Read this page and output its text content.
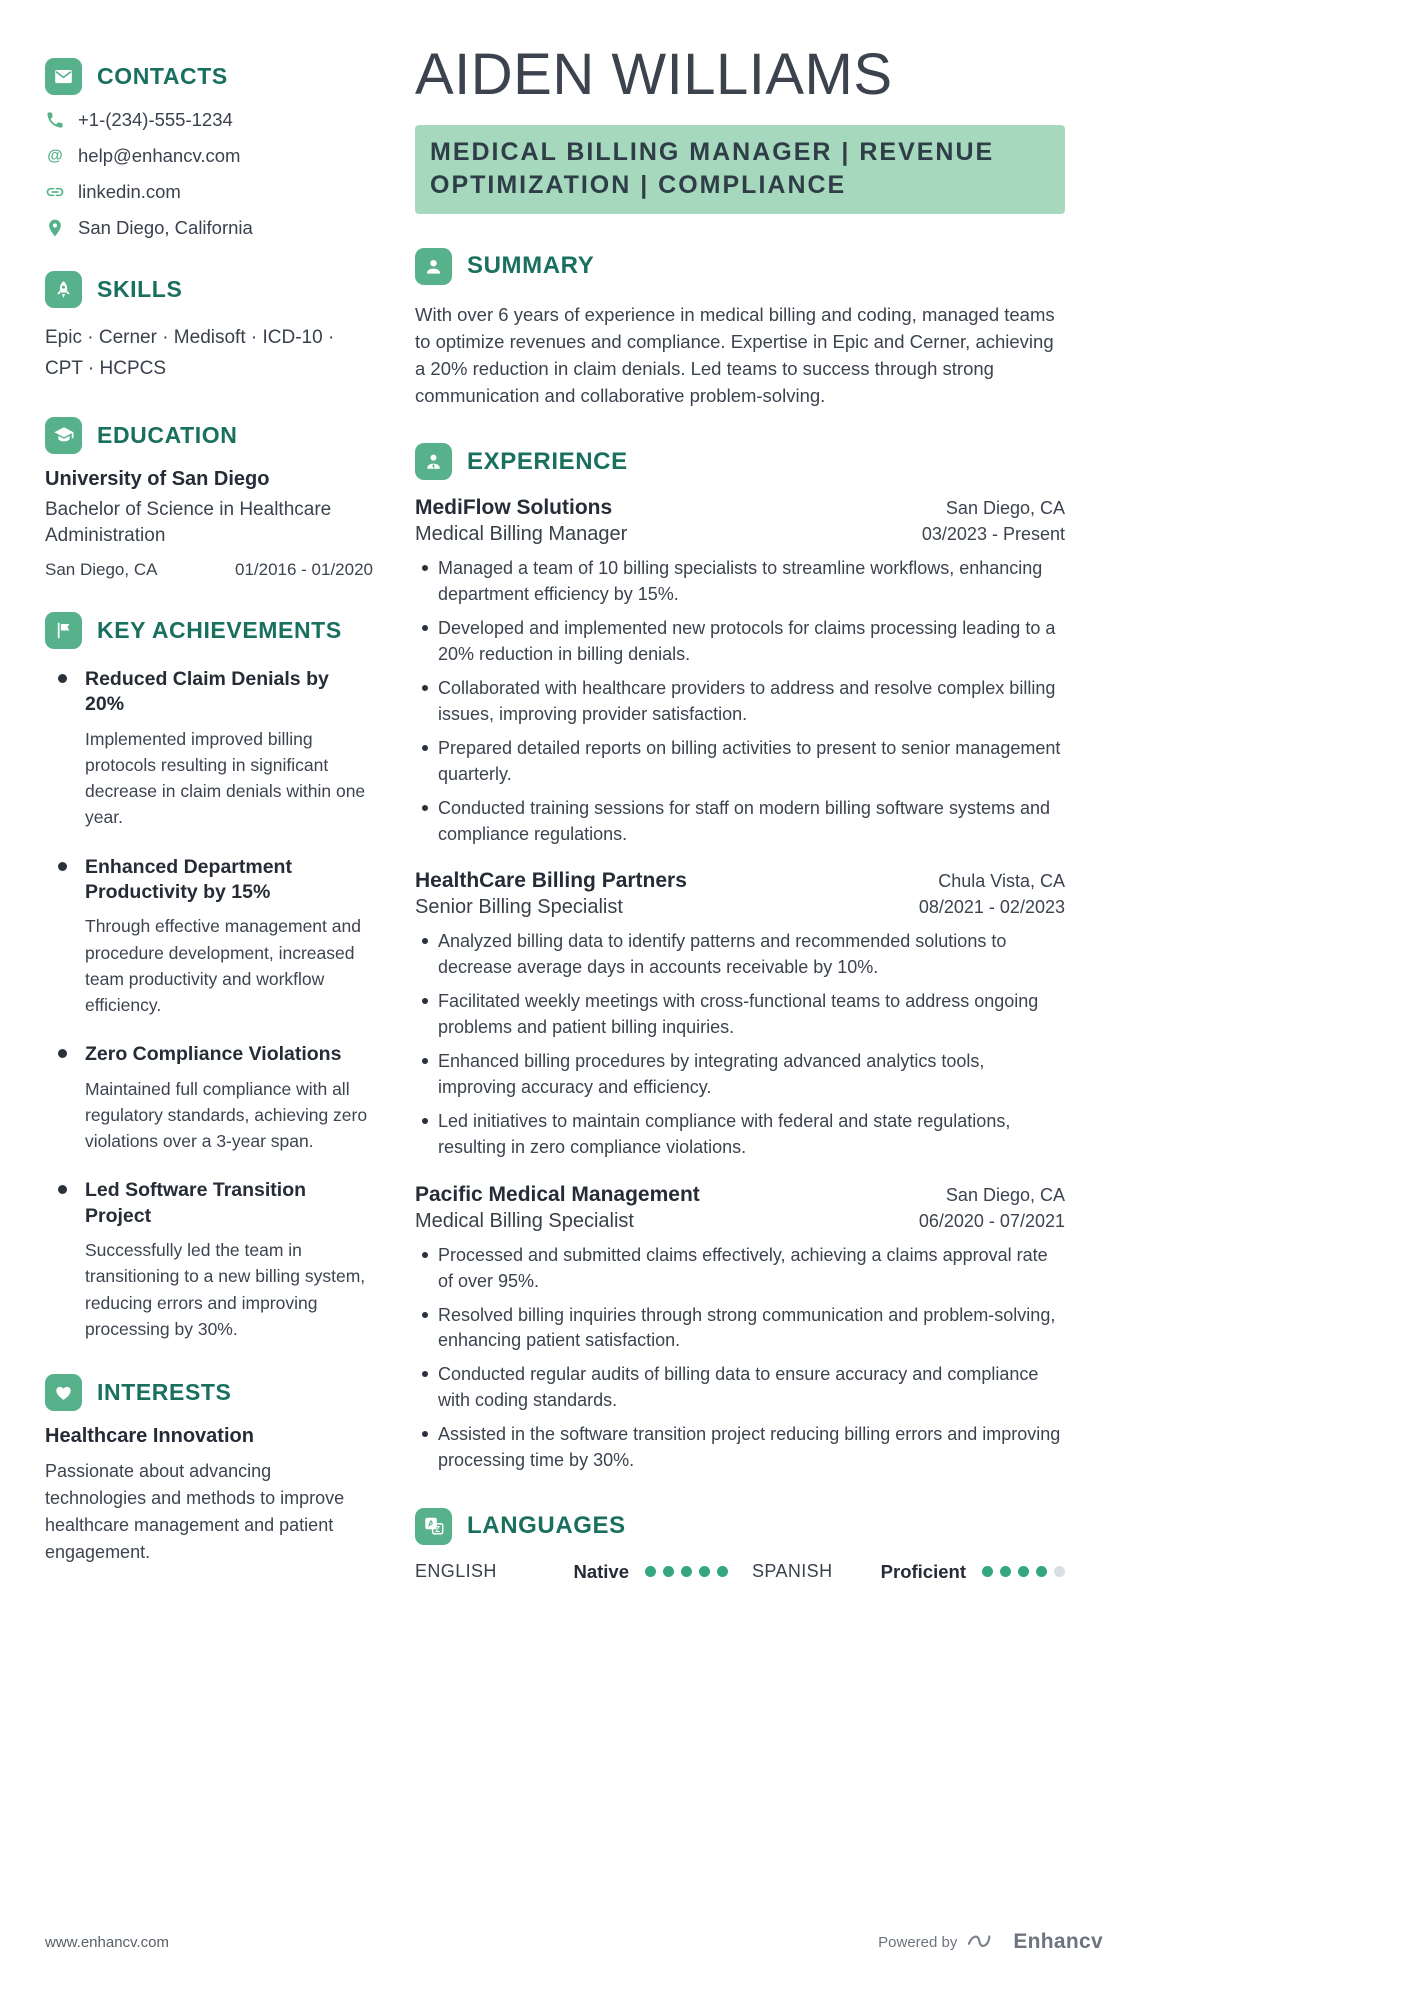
CONTACTS
+1-(234)-555-1234
@ help@enhancv.com
linkedin.com
San Diego, California
SKILLS

Epic · Cerner · Medisoft · ICD-10 · CPT · HCPCS

EDUCATION
University of San Diego
Bachelor of Science in Healthcare Administration
San Diego, CA	01/2016 - 01/2020
KEY ACHIEVEMENTS
Reduced Claim Denials by 20%

Implemented improved billing protocols resulting in significant decrease in claim denials within one year.

Enhanced Department Productivity by 15%

Through effective management and procedure development, increased team productivity and workflow efficiency.

Zero Compliance Violations

Maintained full compliance with all regulatory standards, achieving zero violations over a 3-year span.

Led Software Transition Project

Successfully led the team in transitioning to a new billing system, reducing errors and improving processing by 30%.

INTERESTS
Healthcare Innovation

Passionate about advancing technologies and methods to improve healthcare management and patient engagement.

AIDEN WILLIAMS
MEDICAL BILLING MANAGER | REVENUE OPTIMIZATION | COMPLIANCE
SUMMARY

With over 6 years of experience in medical billing and coding, managed teams to optimize revenues and compliance. Expertise in Epic and Cerner, achieving a 20% reduction in claim denials. Led teams to success through strong communication and collaborative problem-solving.

EXPERIENCE
MediFlow Solutions	San Diego, CA
Medical Billing Manager	03/2023 - Present
Managed a team of 10 billing specialists to streamline workflows, enhancing department efficiency by 15%.
Developed and implemented new protocols for claims processing leading to a 20% reduction in billing denials.
Collaborated with healthcare providers to address and resolve complex billing issues, improving provider satisfaction.
Prepared detailed reports on billing activities to present to senior management quarterly.
Conducted training sessions for staff on modern billing software systems and compliance regulations.
HealthCare Billing Partners	Chula Vista, CA
Senior Billing Specialist	08/2021 - 02/2023
Analyzed billing data to identify patterns and recommended solutions to decrease average days in accounts receivable by 10%.
Facilitated weekly meetings with cross-functional teams to address ongoing problems and patient billing inquiries.
Enhanced billing procedures by integrating advanced analytics tools, improving accuracy and efficiency.
Led initiatives to maintain compliance with federal and state regulations, resulting in zero compliance violations.
Pacific Medical Management	San Diego, CA
Medical Billing Specialist	06/2020 - 07/2021
Processed and submitted claims effectively, achieving a claims approval rate of over 95%.
Resolved billing inquiries through strong communication and problem-solving, enhancing patient satisfaction.
Conducted regular audits of billing data to ensure accuracy and compliance with coding standards.
Assisted in the software transition project reducing billing errors and improving processing time by 30%.
A
Z LANGUAGES
ENGLISH	Native	SPANISH	Proficient
www.enhancv.com	Powered by	Enhancv
